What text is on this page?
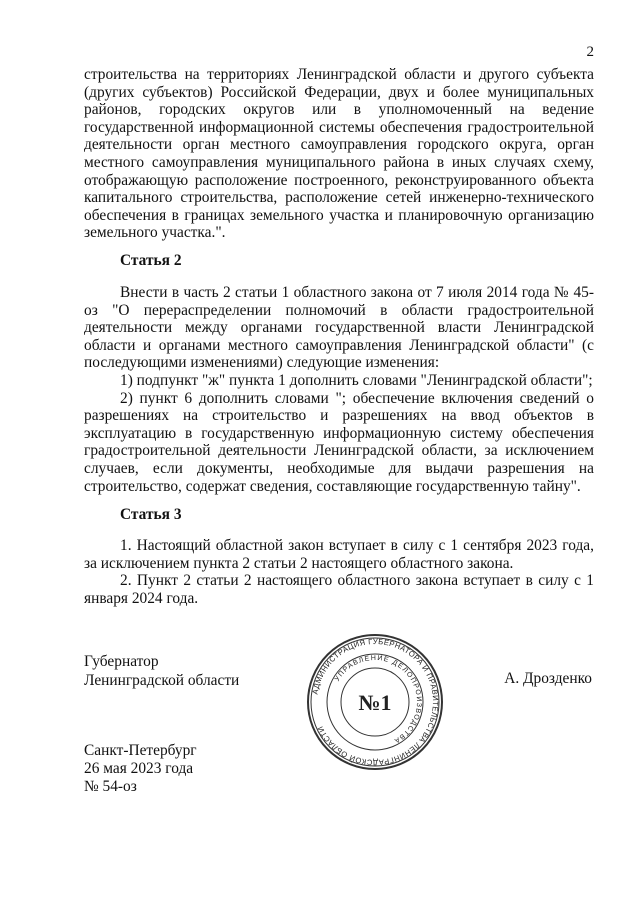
2

строительства на территориях Ленинградской области и другого субъекта (других субъектов) Российской Федерации, двух и более муниципальных районов, городских округов или в уполномоченный на ведение государственной информационной системы обеспечения градостроительной деятельности орган местного самоуправления городского округа, орган местного самоуправления муниципального района в иных случаях схему, отображающую расположение построенного, реконструированного объекта капитального строительства, расположение сетей инженерно-технического обеспечения в границах земельного участка и планировочную организацию земельного участка.".

Статья 2

Внести в часть 2 статьи 1 областного закона от 7 июля 2014 года № 45-оз "О перераспределении полномочий в области градостроительной деятельности между органами государственной власти Ленинградской области и органами местного самоуправления Ленинградской области" (с последующими изменениями) следующие изменения:

1) подпункт "ж" пункта 1 дополнить словами "Ленинградской области";

2) пункт 6 дополнить словами "; обеспечение включения сведений о разрешениях на строительство и разрешениях на ввод объектов в эксплуатацию в государственную информационную систему обеспечения градостроительной деятельности Ленинградской области, за исключением случаев, если документы, необходимые для выдачи разрешения на строительство, содержат сведения, составляющие государственную тайну".

Статья 3

1. Настоящий областной закон вступает в силу с 1 сентября 2023 года, за исключением пункта 2 статьи 2 настоящего областного закона.

2. Пункт 2 статьи 2 настоящего областного закона вступает в силу с 1 января 2024 года.

Губернатор
Ленинградской области
АДМИНИСТРАЦИЯ ГУБЕРНАТОРА И ПРАВИТЕЛЬСТВА ЛЕНИНГРАДСКОЙ ОБЛАСТИ
УПРАВЛЕНИЕ ДЕЛОПРОИЗВОДСТВА
№1
А. Дрозденко
Санкт-Петербург
26 мая 2023 года
№ 54-оз
